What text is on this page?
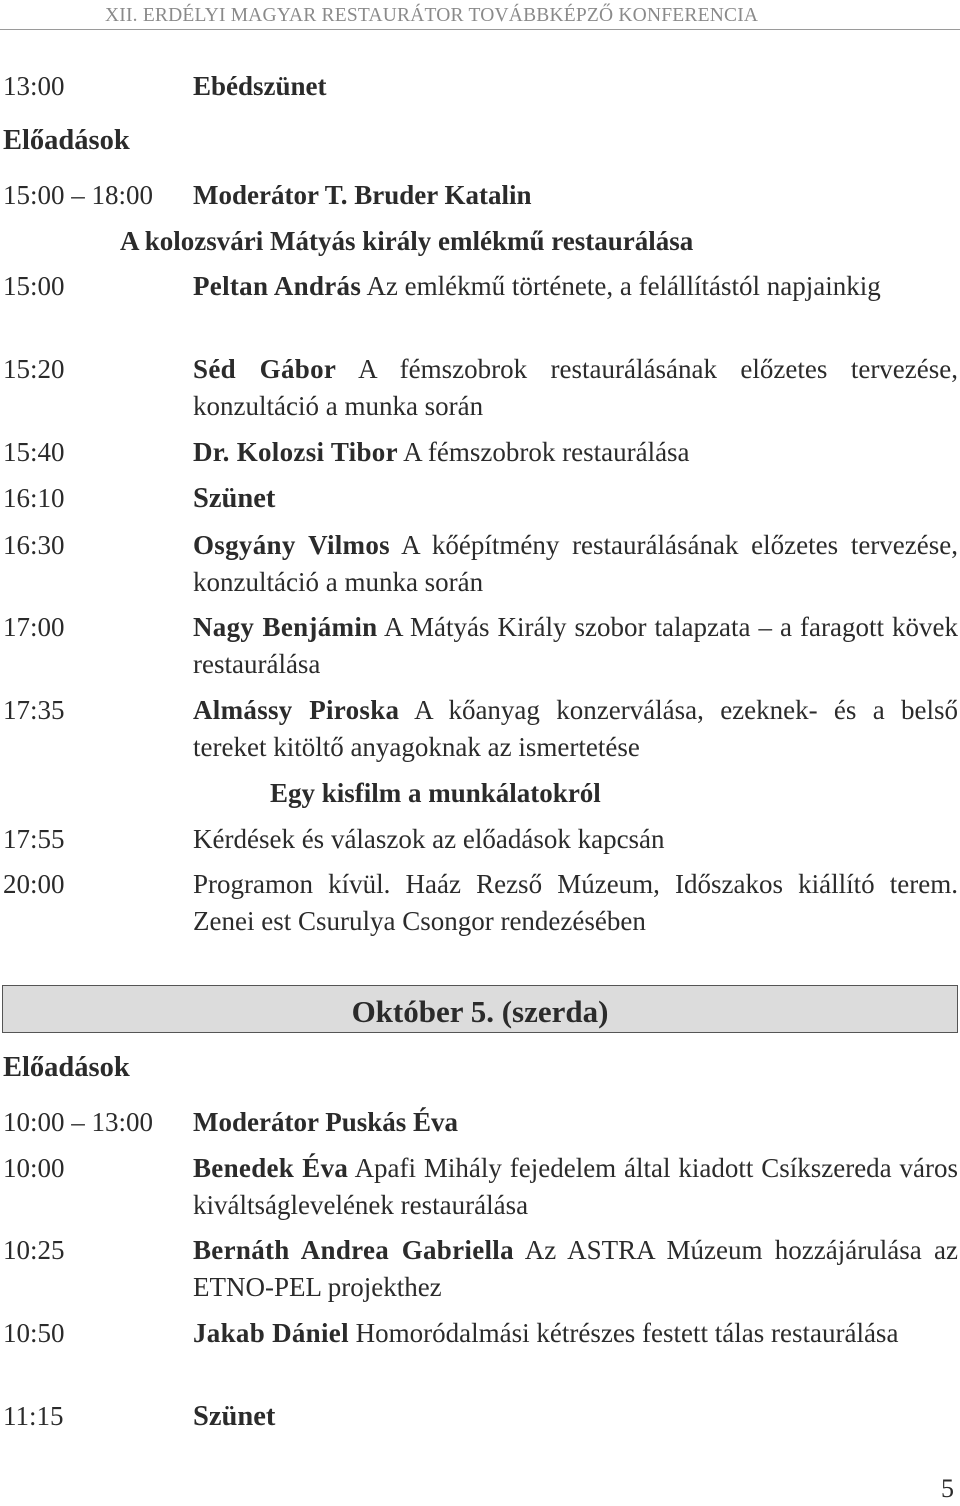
XII. ERDÉLYI MAGYAR RESTAURÁTOR TOVÁBBKÉPZŐ KONFERENCIA
13:00	Ebédszünet
Előadások
15:00 – 18:00 Moderátor T. Bruder Katalin
A kolozsvári Mátyás király emlékmű restaurálása
15:00	Peltan András Az emlékmű története, a felállítástól napjainkig
15:20	Séd Gábor A fémszobrok restaurálásának előzetes tervezése, konzultáció a munka során
15:40	Dr. Kolozsi Tibor A fémszobrok restaurálása
16:10	Szünet
16:30	Osgyány Vilmos A kőépítmény restaurálásának előzetes tervezése, konzultáció a munka során
17:00	Nagy Benjámin A Mátyás Király szobor talapzata – a faragott kövek restaurálása
17:35	Almássy Piroska A kőanyag konzerválása, ezeknek- és a belső tereket kitöltő anyagoknak az ismertetése
Egy kisfilm a munkálatokról
17:55	Kérdések és válaszok az előadások kapcsán
20:00	Programon kívül. Haáz Rezső Múzeum, Időszakos kiállító terem. Zenei est Csurulya Csongor rendezésében
Október 5. (szerda)
Előadások
10:00 – 13:00 Moderátor Puskás Éva
10:00	Benedek Éva Apafi Mihály fejedelem által kiadott Csíkszereda város kiváltságlevelének restaurálása
10:25	Bernáth Andrea Gabriella Az ASTRA Múzeum hozzájárulása az ETNO-PEL projekthez
10:50	Jakab Dániel Homoródalmási kétrészes festett tálas restaurálása
11:15	Szünet
5
